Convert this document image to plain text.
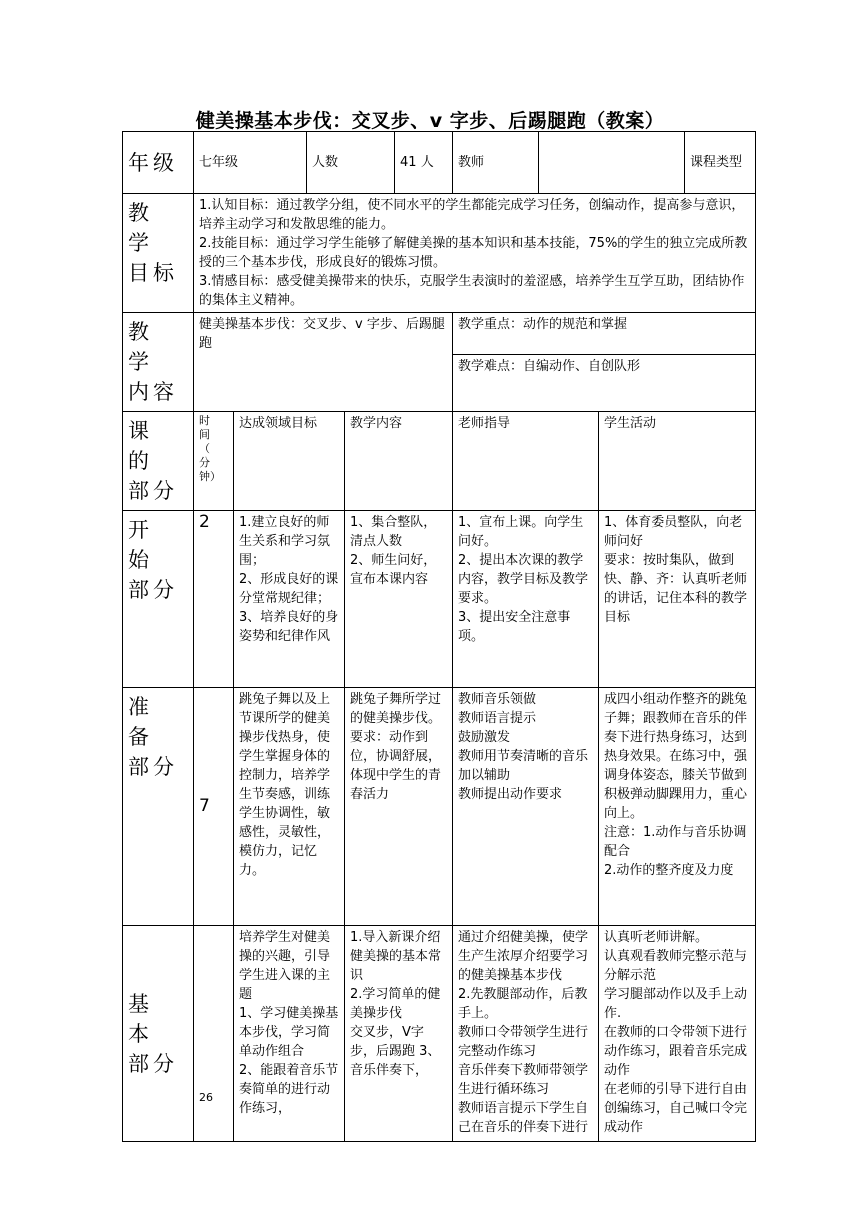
健美操基本步伐：交叉步、v 字步、后踢腿跑（教案）
年级	七年级		人数		41 人	教师			课程类型	
教 学
目标	1.认知目标：通过教学分组，使不同水平的学生都能完成学习任务，创编动作，提高参与意识，培养主动学习和发散思维的能力。
2.技能目标：通过学习学生能够了解健美操的基本知识和基本技能，75%的学生的独立完成所教授的三个基本步伐，形成良好的锻炼习惯。
3.情感目标：感受健美操带来的快乐，克服学生表演时的羞涩感，培养学生互学互助，团结协作的集体主义精神。									
教 学
内容	健美操基本步伐：交叉步、v 字步、后踢腿跑					教学重点：动作的规范和掌握				
						教学难点：自编动作、自创队形				
课 的
部分	时
间
（
分
钟）	达成领域目标		教学内容		老师指导		学生活动		
开 始
部分	2	1.建立良好的师生关系和学习氛围；
2、形成良好的课分堂常规纪律；
3、培养良好的身姿势和纪律作风		1、集合整队，清点人数
2、师生问好，宣布本课内容		1、宣布上课。向学生问好。
2、提出本次课的教学内容，教学目标及教学要求。
3、提出安全注意事项。		1、体育委员整队，向老师问好
要求：按时集队，做到快、静、齐：认真听老师的讲话，记住本科的教学目标		
准 备
部分	7	跳兔子舞以及上节课所学的健美操步伐热身，使学生掌握身体的控制力，培养学生节奏感，训练学生协调性，敏感性，灵敏性，模仿力，记忆力。		跳兔子舞所学过的健美操步伐。
要求：动作到位，协调舒展，体现中学生的青春活力		教师音乐领做
教师语言提示
鼓励激发
教师用节奏清晰的音乐加以辅助
教师提出动作要求		成四小组动作整齐的跳兔子舞；跟教师在音乐的伴奏下进行热身练习，达到热身效果。在练习中，强调身体姿态，膝关节做到积极弹动脚踝用力，重心向上。
注意：1.动作与音乐协调配合
2.动作的整齐度及力度		
基 本
部分	26	培养学生对健美操的兴趣，引导学生进入课的主题
1、学习健美操基本步伐，学习简单动作组合
2、能跟着音乐节奏简单的进行动作练习，		1.导入新课介绍健美操的基本常识
2.学习简单的健美操步伐
交叉步，V字步，后踢跑 3、音乐伴奏下，		通过介绍健美操，使学生产生浓厚介绍要学习的健美操基本步伐
2.先教腿部动作，后教手上。
教师口令带领学生进行完整动作练习
音乐伴奏下教师带领学生进行循环练习
教师语言提示下学生自己在音乐的伴奏下进行		认真听老师讲解。
认真观看教师完整示范与分解示范
学习腿部动作以及手上动作.
在教师的口令带领下进行动作练习，跟着音乐完成动作
在老师的引导下进行自由创编练习，自己喊口令完成动作		
